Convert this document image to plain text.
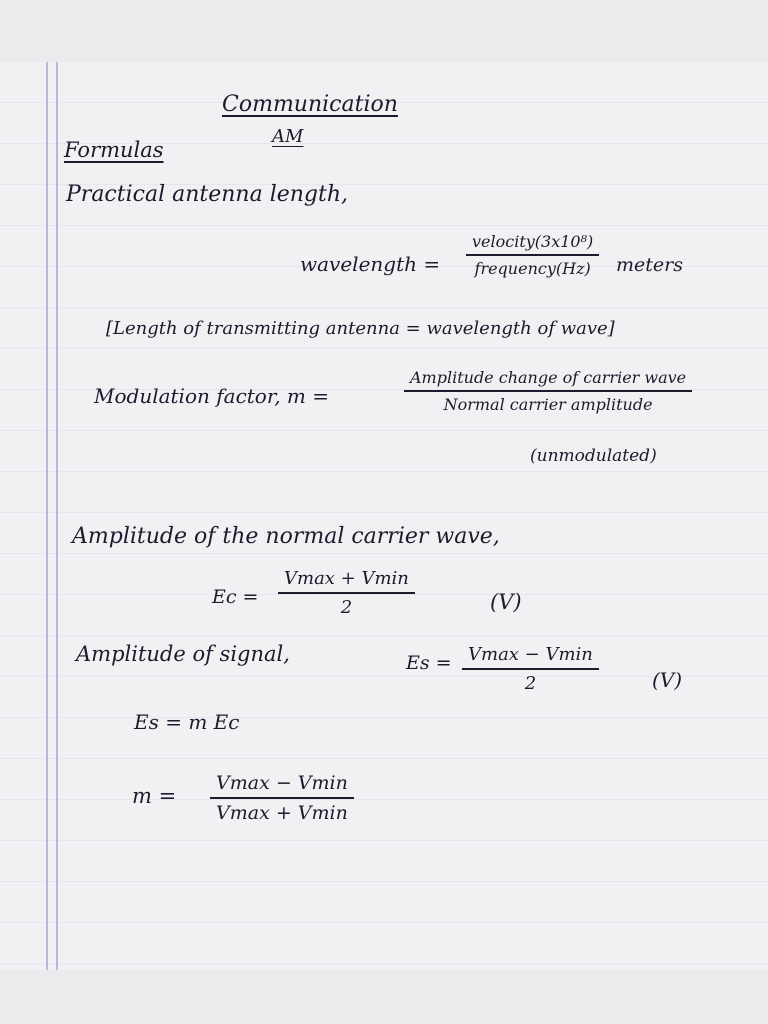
Communication
AM
Formulas
Practical antenna length,
wavelength =
velocity(3x10⁸)
frequency(Hz)	meters
[Length of transmitting antenna = wavelength of wave]
Modulation factor, m =
Amplitude change of carrier wave
Normal carrier amplitude
(unmodulated)
Amplitude of the normal carrier wave,
Ec =
Vmax + Vmin
2	(V)
Amplitude of signal,	Es = Vmax − Vmin
2	(V)
Es = m Ec
m =
Vmax − Vmin
Vmax + Vmin
